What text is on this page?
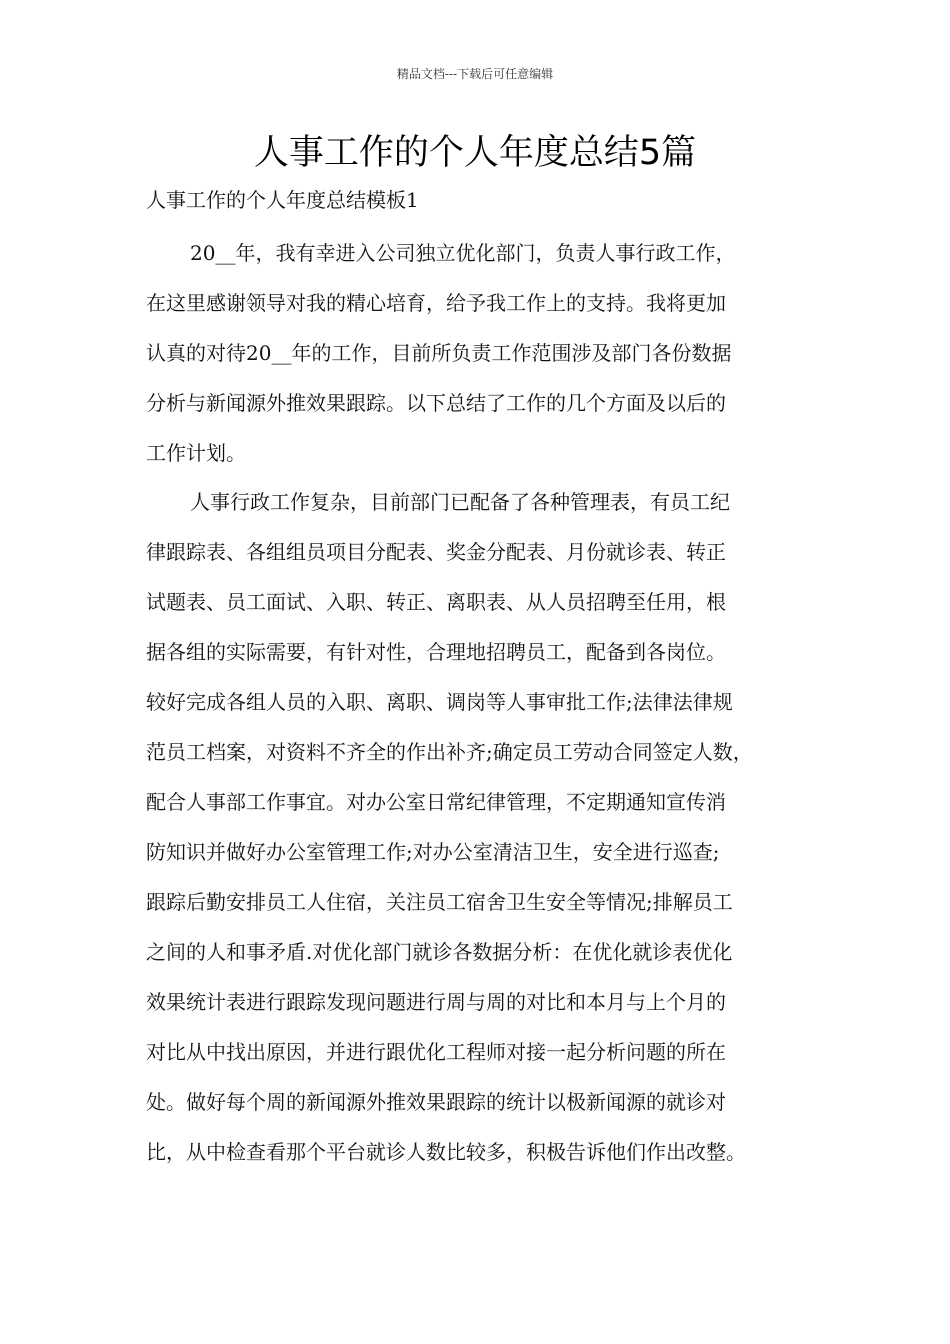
精品文档---下载后可任意编辑
人事工作的个人年度总结5篇
人事工作的个人年度总结模板1
20__年，我有幸进入公司独立优化部门，负责人事行政工作，
在这里感谢领导对我的精心培育，给予我工作上的支持。我将更加
认真的对待20__年的工作，目前所负责工作范围涉及部门各份数据
分析与新闻源外推效果跟踪。以下总结了工作的几个方面及以后的
工作计划。
人事行政工作复杂，目前部门已配备了各种管理表，有员工纪
律跟踪表、各组组员项目分配表、奖金分配表、月份就诊表、转正
试题表、员工面试、入职、转正、离职表、从人员招聘至任用，根
据各组的实际需要，有针对性，合理地招聘员工，配备到各岗位。
较好完成各组人员的入职、离职、调岗等人事审批工作;法律法律规
范员工档案，对资料不齐全的作出补齐;确定员工劳动合同签定人数，
配合人事部工作事宜。对办公室日常纪律管理，不定期通知宣传消
防知识并做好办公室管理工作;对办公室清洁卫生，安全进行巡查;
跟踪后勤安排员工人住宿，关注员工宿舍卫生安全等情况;排解员工
之间的人和事矛盾.对优化部门就诊各数据分析：在优化就诊表优化
效果统计表进行跟踪发现问题进行周与周的对比和本月与上个月的
对比从中找出原因，并进行跟优化工程师对接一起分析问题的所在
处。做好每个周的新闻源外推效果跟踪的统计以极新闻源的就诊对
比，从中检查看那个平台就诊人数比较多，积极告诉他们作出改整。
